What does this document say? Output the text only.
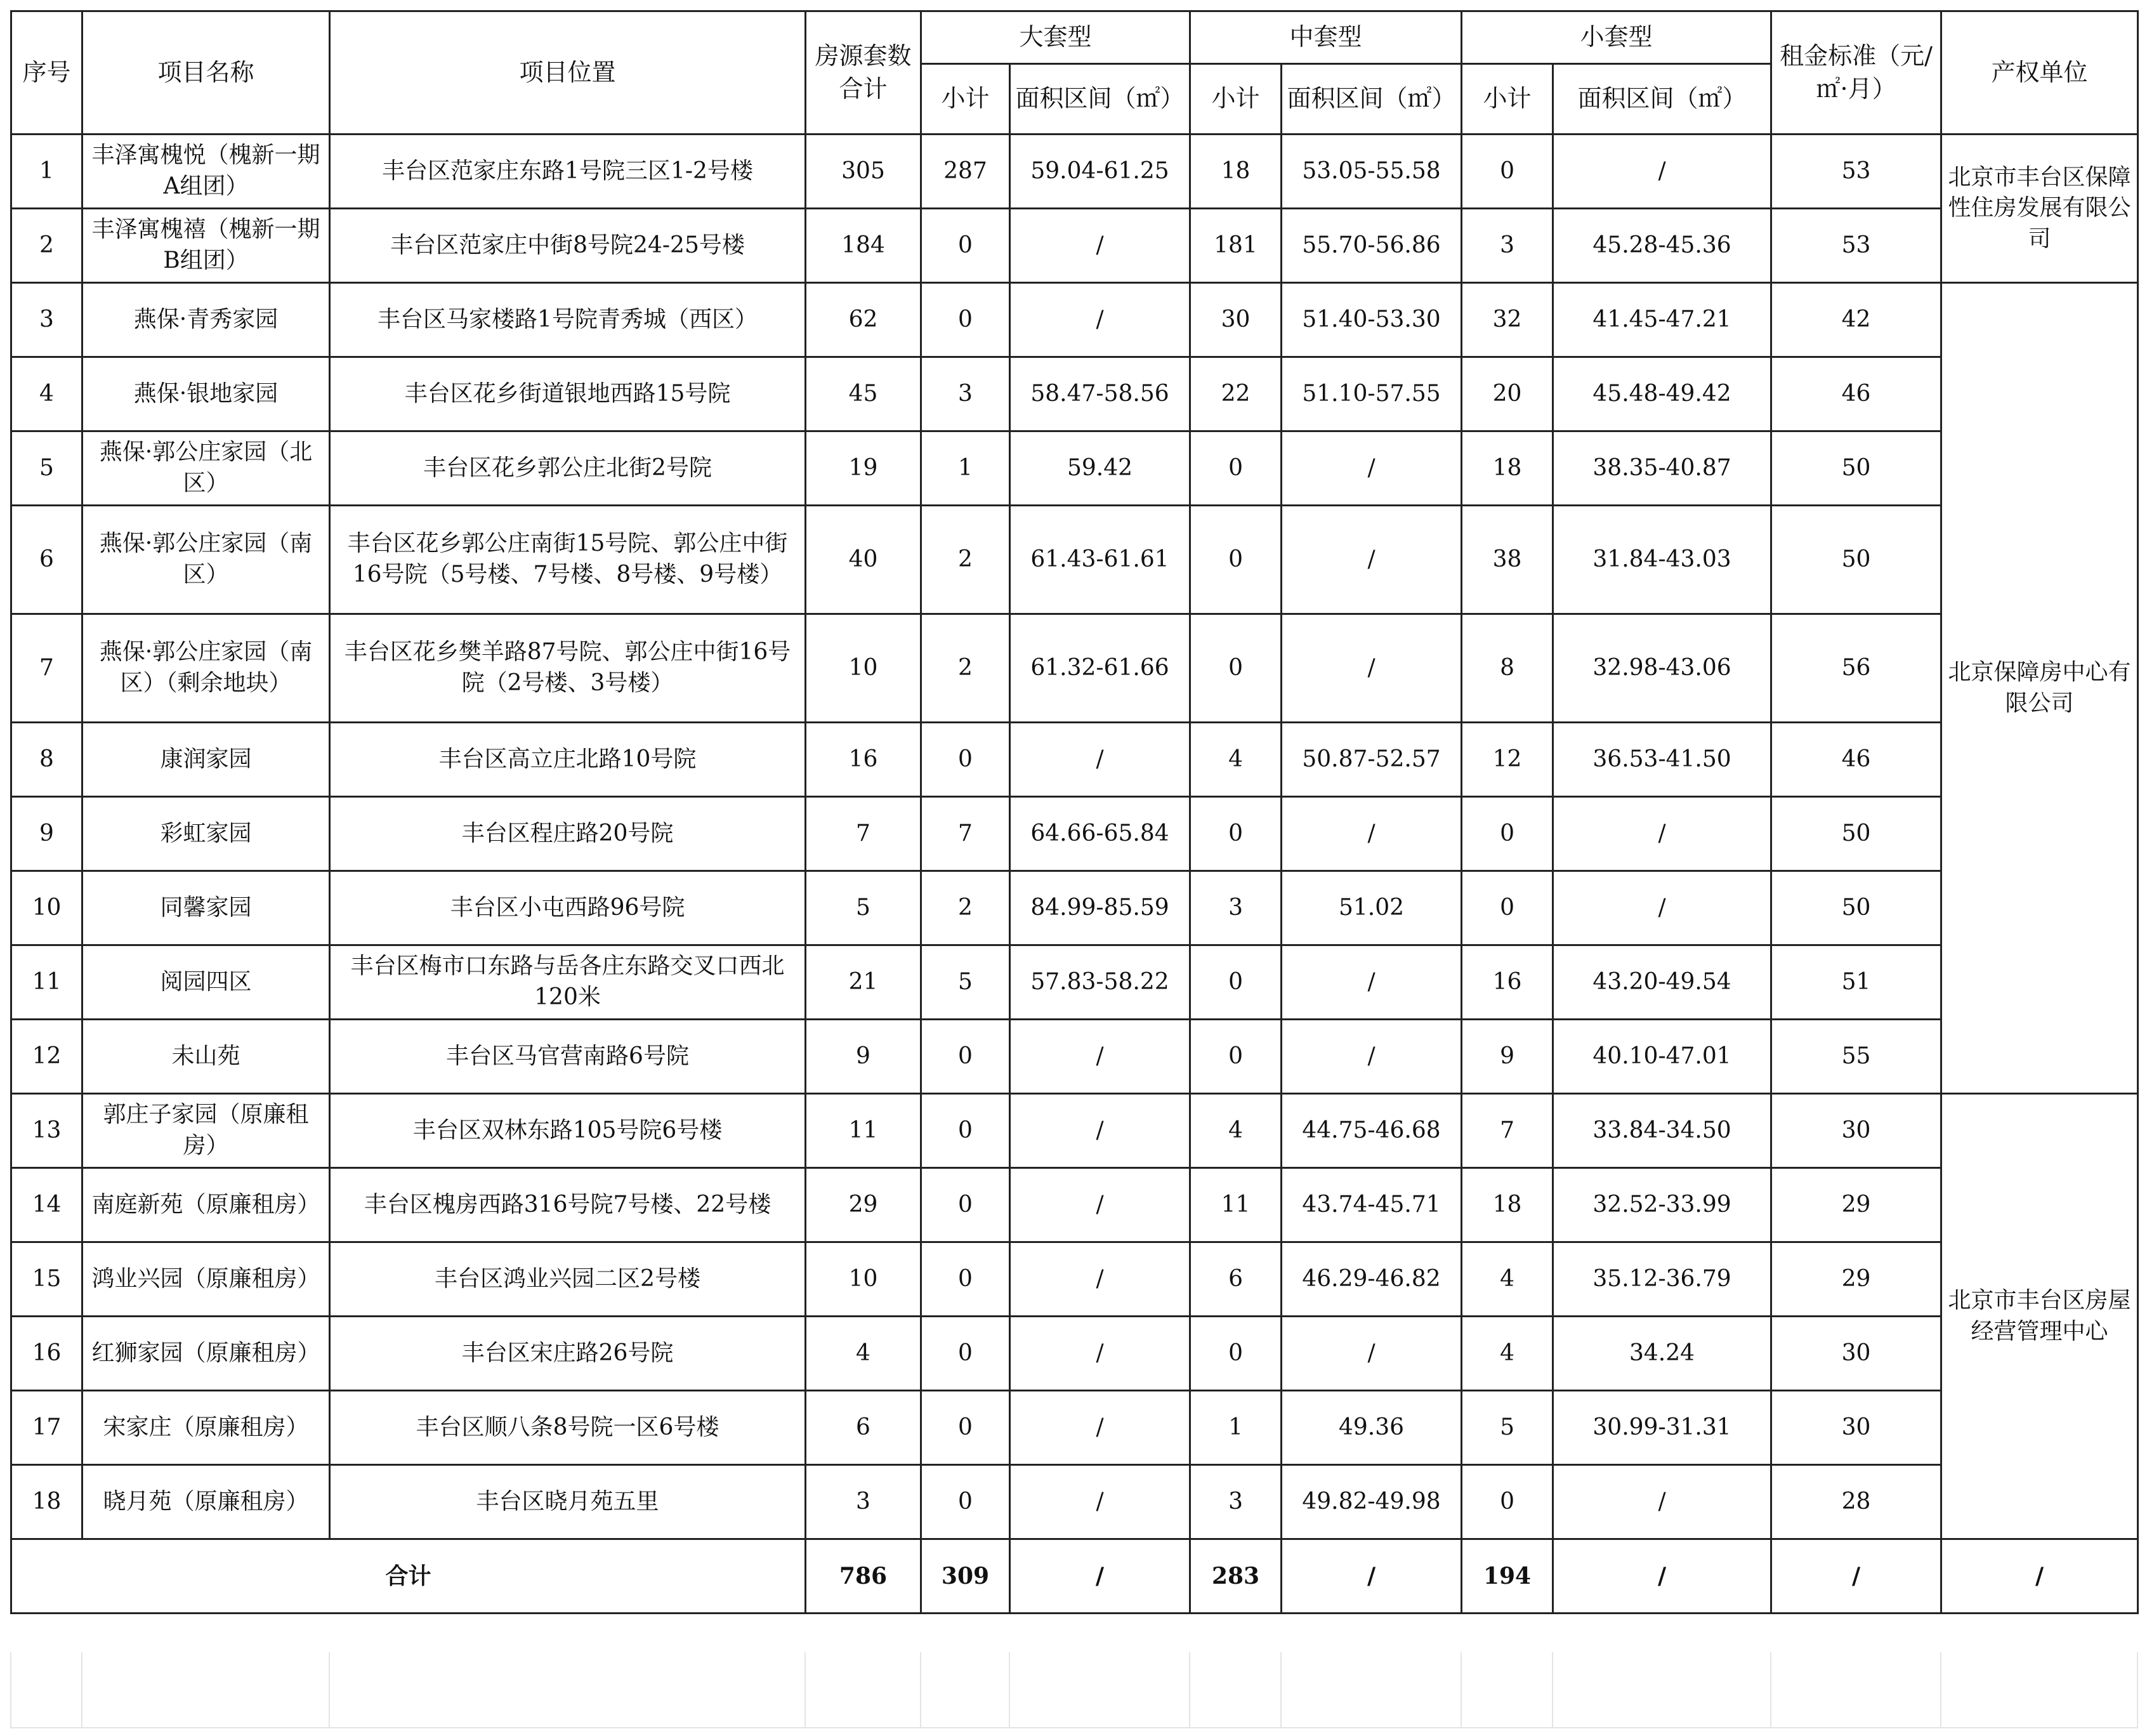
序号	项目名称	项目位置	房源套数合计	大套型		中套型		小套型		租金标准（元/㎡·月）	产权单位
				小计	面积区间（㎡）	小计	面积区间（㎡）	小计	面积区间（㎡）		
1	丰泽寓槐悦（槐新一期A组团）	丰台区范家庄东路1号院三区1-2号楼	305	287	59.04-61.25	18	53.05-55.58	0	/	53	北京市丰台区保障性住房发展有限公司
2	丰泽寓槐禧（槐新一期B组团）	丰台区范家庄中街8号院24-25号楼	184	0	/	181	55.70-56.86	3	45.28-45.36	53	
3	燕保·青秀家园	丰台区马家楼路1号院青秀城（西区）	62	0	/	30	51.40-53.30	32	41.45-47.21	42	北京保障房中心有限公司
4	燕保·银地家园	丰台区花乡街道银地西路15号院	45	3	58.47-58.56	22	51.10-57.55	20	45.48-49.42	46	
5	燕保·郭公庄家园（北区）	丰台区花乡郭公庄北街2号院	19	1	59.42	0	/	18	38.35-40.87	50	
6	燕保·郭公庄家园（南区）	丰台区花乡郭公庄南街15号院、郭公庄中街16号院（5号楼、7号楼、8号楼、9号楼）	40	2	61.43-61.61	0	/	38	31.84-43.03	50	
7	燕保·郭公庄家园（南区）（剩余地块）	丰台区花乡樊羊路87号院、郭公庄中街16号院（2号楼、3号楼）	10	2	61.32-61.66	0	/	8	32.98-43.06	56	
8	康润家园	丰台区高立庄北路10号院	16	0	/	4	50.87-52.57	12	36.53-41.50	46	
9	彩虹家园	丰台区程庄路20号院	7	7	64.66-65.84	0	/	0	/	50	
10	同馨家园	丰台区小屯西路96号院	5	2	84.99-85.59	3	51.02	0	/	50	
11	阅园四区	丰台区梅市口东路与岳各庄东路交叉口西北120米	21	5	57.83-58.22	0	/	16	43.20-49.54	51	
12	未山苑	丰台区马官营南路6号院	9	0	/	0	/	9	40.10-47.01	55	
13	郭庄子家园（原廉租房）	丰台区双林东路105号院6号楼	11	0	/	4	44.75-46.68	7	33.84-34.50	30	北京市丰台区房屋经营管理中心
14	南庭新苑（原廉租房）	丰台区槐房西路316号院7号楼、22号楼	29	0	/	11	43.74-45.71	18	32.52-33.99	29	
15	鸿业兴园（原廉租房）	丰台区鸿业兴园二区2号楼	10	0	/	6	46.29-46.82	4	35.12-36.79	29	
16	红狮家园（原廉租房）	丰台区宋庄路26号院	4	0	/	0	/	4	34.24	30	
17	宋家庄（原廉租房）	丰台区顺八条8号院一区6号楼	6	0	/	1	49.36	5	30.99-31.31	30	
18	晓月苑（原廉租房）	丰台区晓月苑五里	3	0	/	3	49.82-49.98	0	/	28	
合计			786	309	/	283	/	194	/	/	/
